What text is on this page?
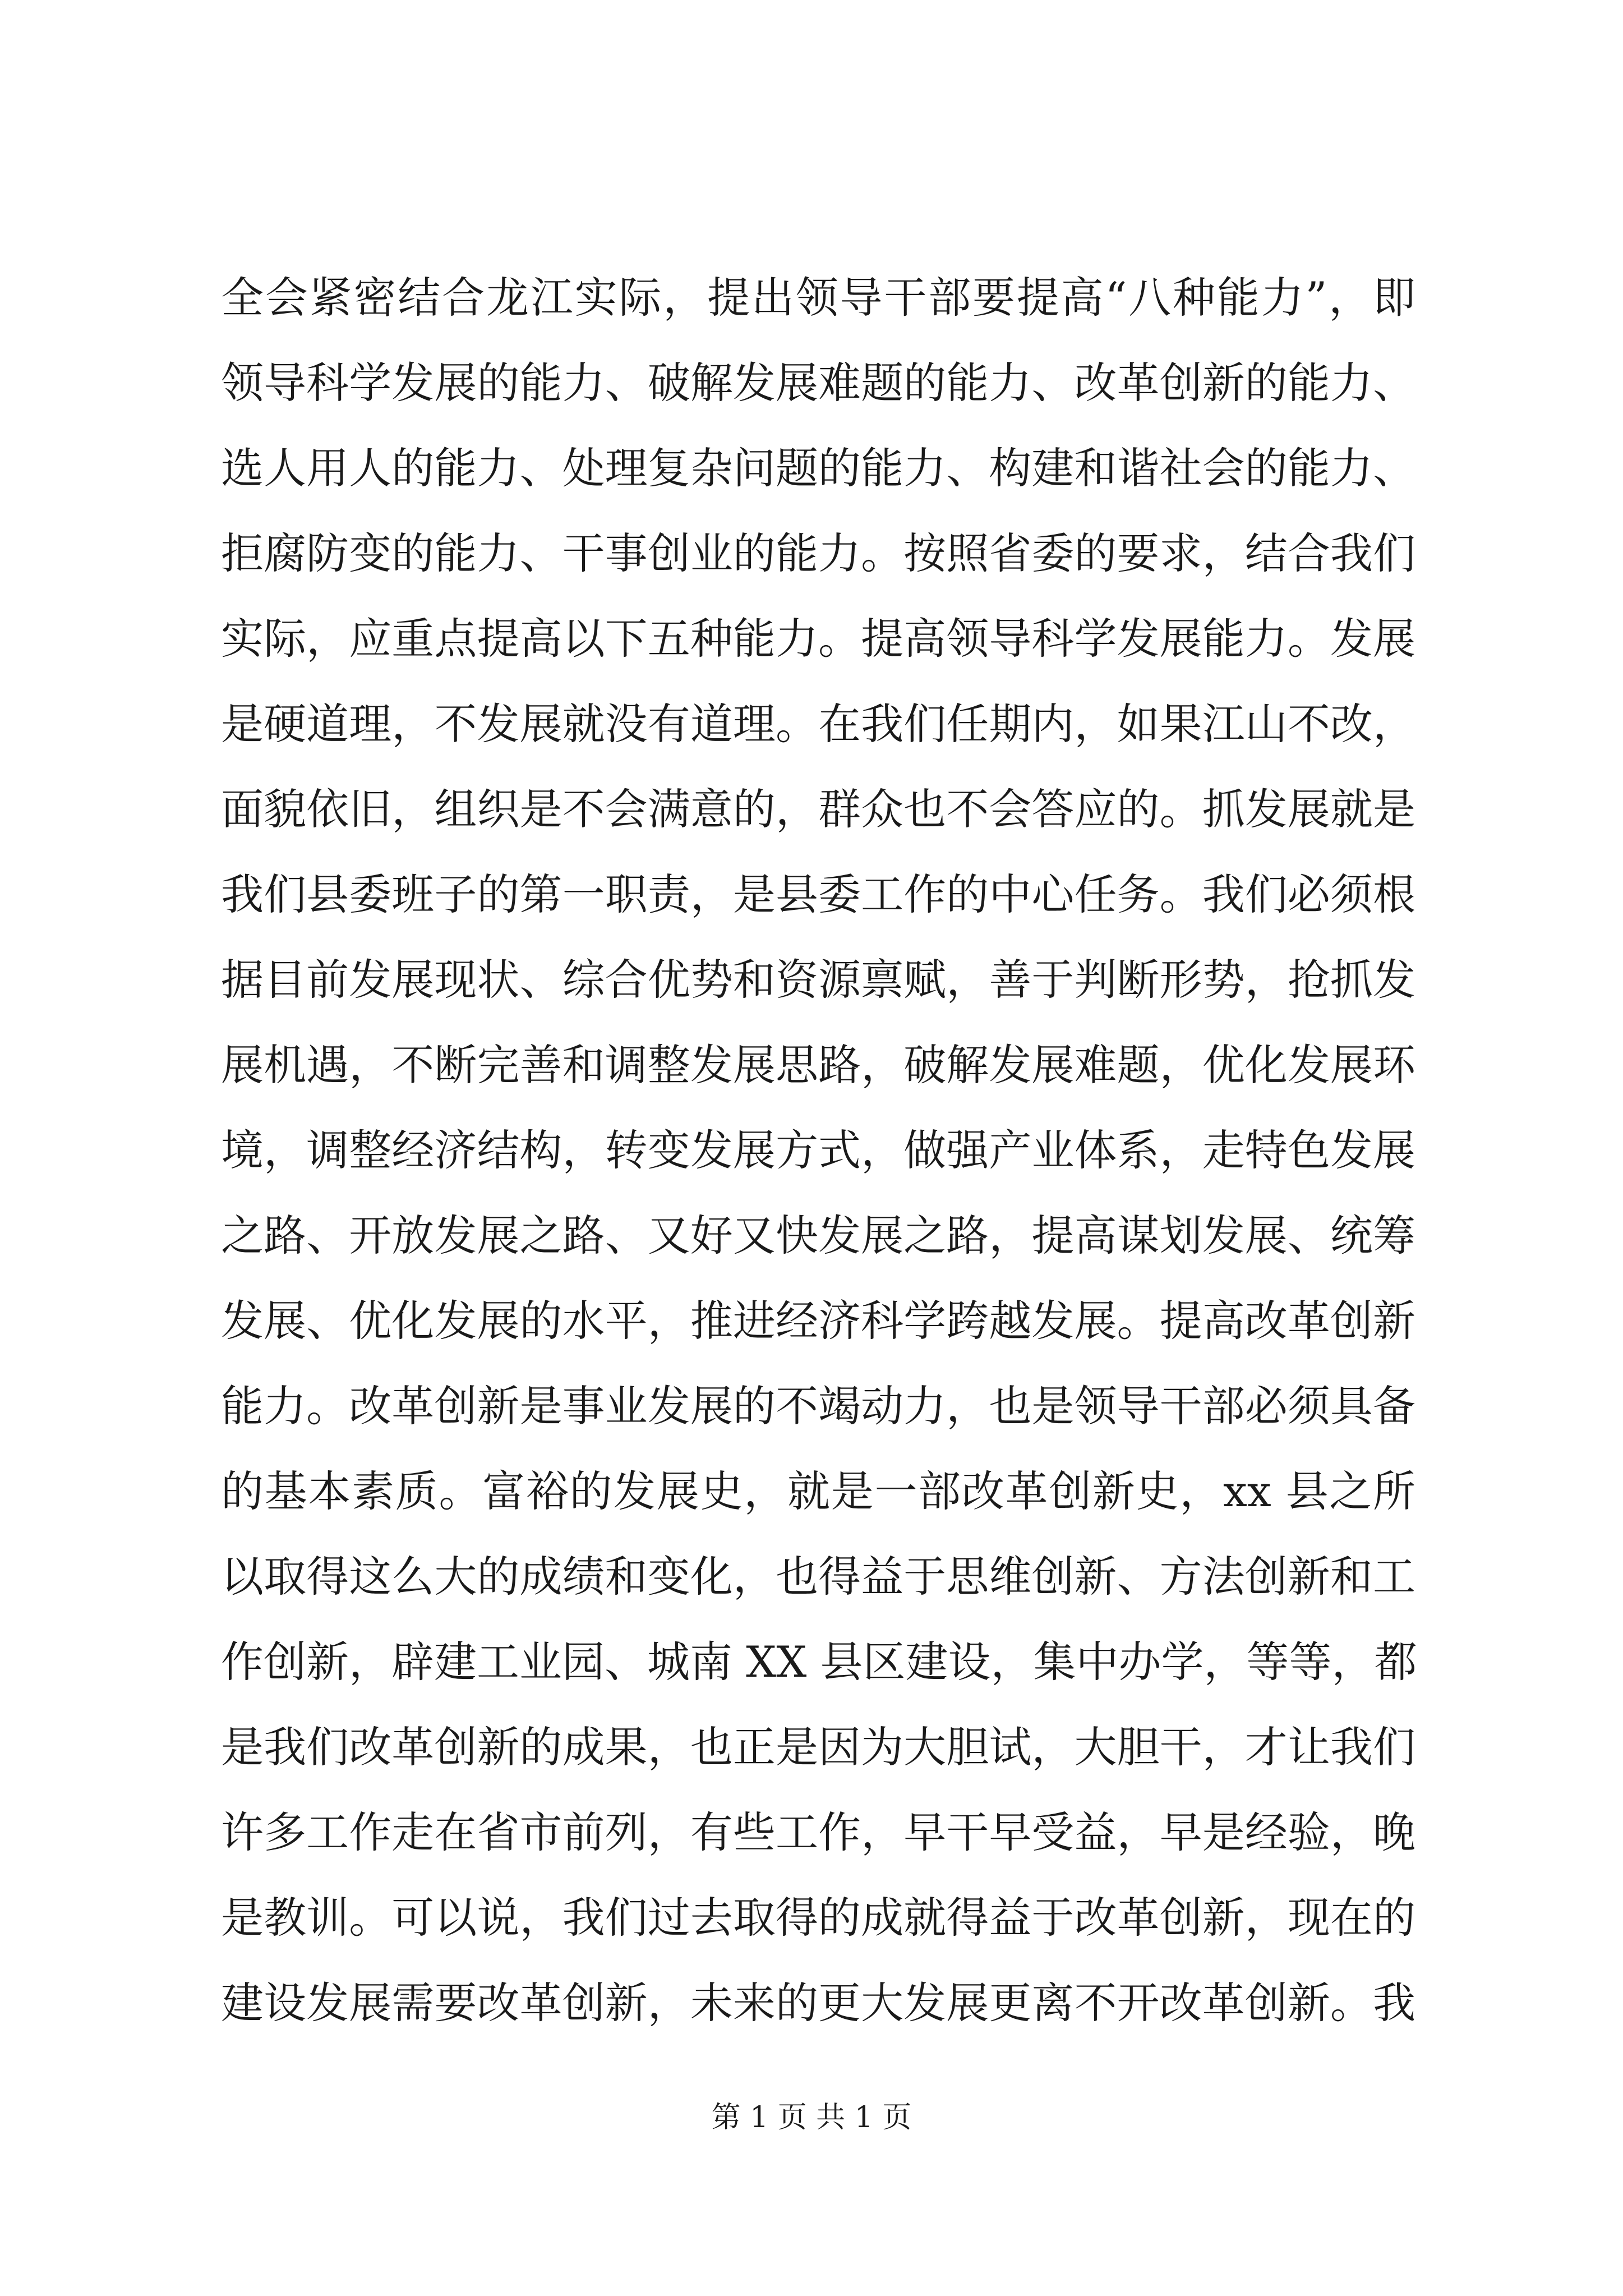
全会紧密结合龙江实际，提出领导干部要提高“八种能力”，即
领导科学发展的能力、破解发展难题的能力、改革创新的能力、
选人用人的能力、处理复杂问题的能力、构建和谐社会的能力、
拒腐防变的能力、干事创业的能力。按照省委的要求，结合我们
实际，应重点提高以下五种能力。提高领导科学发展能力。发展
是硬道理，不发展就没有道理。在我们任期内，如果江山不改，
面貌依旧，组织是不会满意的，群众也不会答应的。抓发展就是
我们县委班子的第一职责，是县委工作的中心任务。我们必须根
据目前发展现状、综合优势和资源禀赋，善于判断形势，抢抓发
展机遇，不断完善和调整发展思路，破解发展难题，优化发展环
境，调整经济结构，转变发展方式，做强产业体系，走特色发展
之路、开放发展之路、又好又快发展之路，提高谋划发展、统筹
发展、优化发展的水平，推进经济科学跨越发展。提高改革创新
能力。改革创新是事业发展的不竭动力，也是领导干部必须具备
的基本素质。富裕的发展史，就是一部改革创新史，xx 县之所
以取得这么大的成绩和变化，也得益于思维创新、方法创新和工
作创新，辟建工业园、城南 XX 县区建设，集中办学，等等，都
是我们改革创新的成果，也正是因为大胆试，大胆干，才让我们
许多工作走在省市前列，有些工作，早干早受益，早是经验，晚
是教训。可以说，我们过去取得的成就得益于改革创新，现在的
建设发展需要改革创新，未来的更大发展更离不开改革创新。我
第 1 页 共 1 页
